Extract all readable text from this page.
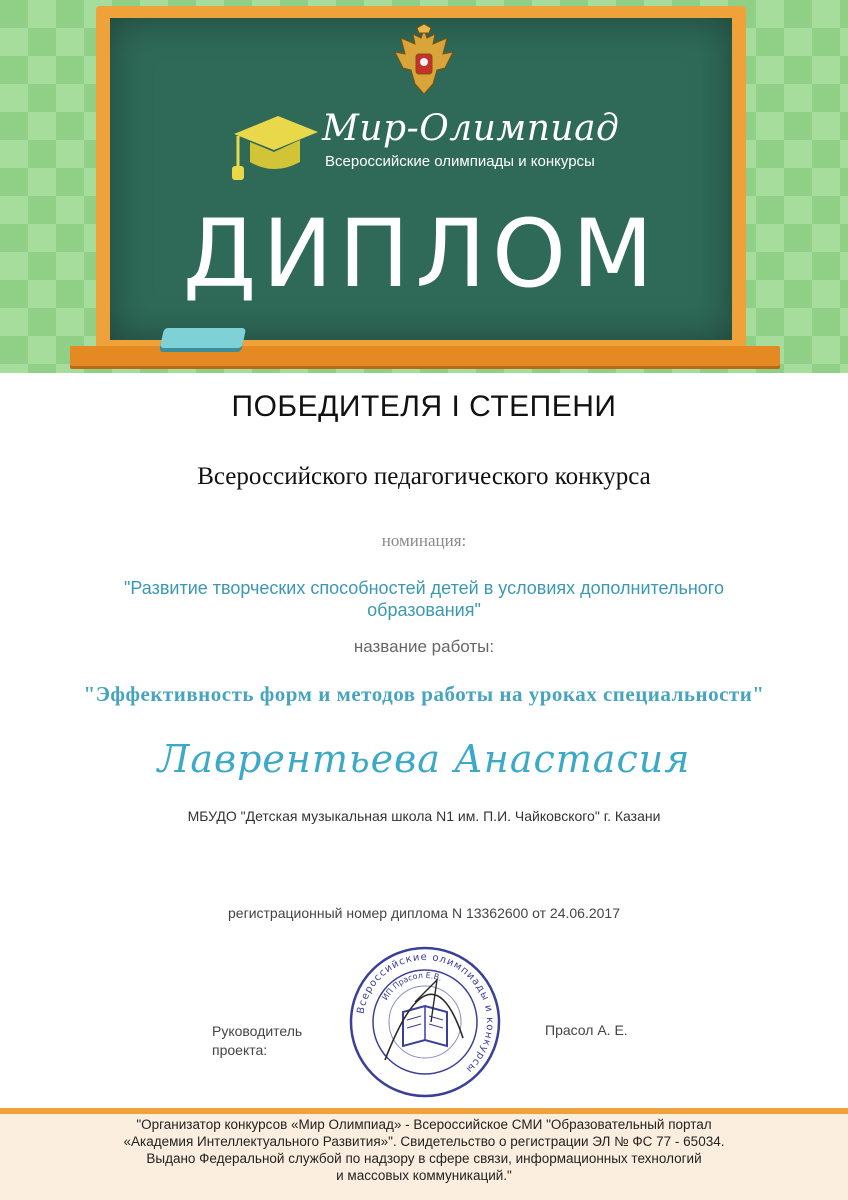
Мир-Олимпиад
Всероссийские олимпиады и конкурсы
ДИПЛОМ
ПОБЕДИТЕЛЯ I СТЕПЕНИ
Всероссийского педагогического конкурса
номинация:
"Развитие творческих способностей детей в условиях дополнительного образования"
название работы:
"Эффективность форм и методов работы на уроках специальности"
Лаврентьева Анастасия
МБУДО "Детская музыкальная школа N1 им. П.И. Чайковского" г. Казани
регистрационный номер диплома N 13362600 от 24.06.2017
Руководитель проекта:
Прасол А. Е.
Всероссийские олимпиады и конкурсы
ИП Прасол Е.В.
"Организатор конкурсов «Мир Олимпиад» - Всероссийское СМИ "Образовательный портал
«Академия Интеллектуального Развития»". Свидетельство о регистрации ЭЛ № ФС 77 - 65034.
Выдано Федеральной службой по надзору в сфере связи, информационных технологий
и массовых коммуникаций."
